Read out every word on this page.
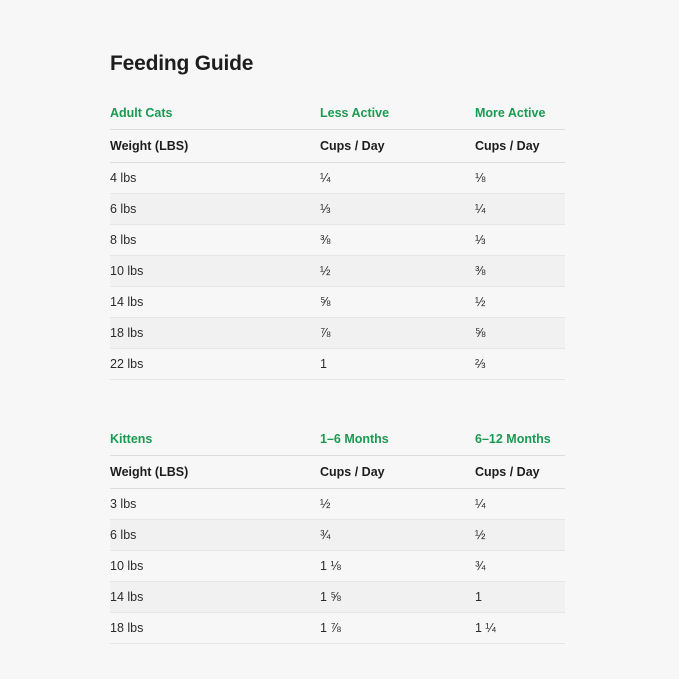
Feeding Guide
Adult Cats	Less Active	More Active
Weight (LBS)	Cups / Day	Cups / Day
4 lbs	¼	⅛
6 lbs	⅓	¼
8 lbs	⅜	⅓
10 lbs	½	⅜
14 lbs	⅝	½
18 lbs	⅞	⅝
22 lbs	1	⅔
Kittens	1–6 Months	6–12 Months
Weight (LBS)	Cups / Day	Cups / Day
3 lbs	½	¼
6 lbs	¾	½
10 lbs	1 ⅛	¾
14 lbs	1 ⅝	1
18 lbs	1 ⅞	1 ¼
